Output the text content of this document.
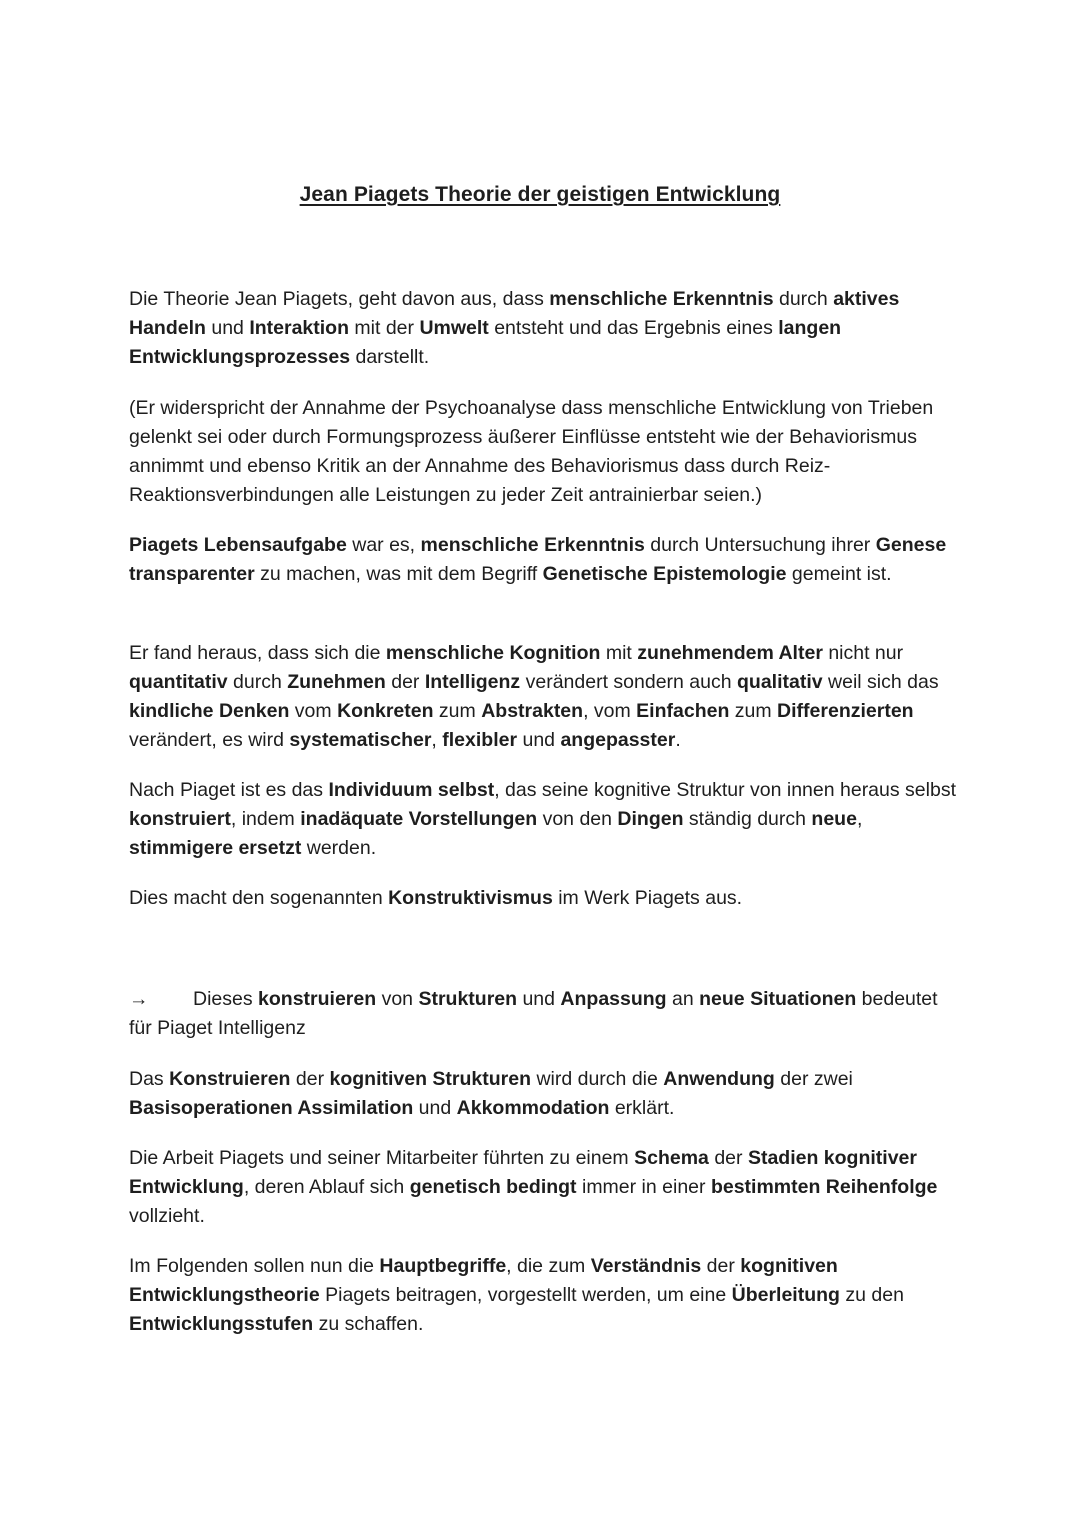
Jean Piagets Theorie der geistigen Entwicklung

Die Theorie Jean Piagets, geht davon aus, dass menschliche Erkenntnis durch aktives Handeln und Interaktion mit der Umwelt entsteht und das Ergebnis eines langen Entwicklungsprozesses darstellt.

(Er widerspricht der Annahme der Psychoanalyse dass menschliche Entwicklung von Trieben gelenkt sei oder durch Formungsprozess äußerer Einflüsse entsteht wie der Behaviorismus annimmt und ebenso Kritik an der Annahme des Behaviorismus dass durch Reiz-Reaktionsverbindungen alle Leistungen zu jeder Zeit antrainierbar seien.)

Piagets Lebensaufgabe war es, menschliche Erkenntnis durch Untersuchung ihrer Genese transparenter zu machen, was mit dem Begriff Genetische Epistemologie gemeint ist.

Er fand heraus, dass sich die menschliche Kognition mit zunehmendem Alter nicht nur quantitativ durch Zunehmen der Intelligenz verändert sondern auch qualitativ weil sich das kindliche Denken vom Konkreten zum Abstrakten, vom Einfachen zum Differenzierten verändert, es wird systematischer, flexibler und angepasster.

Nach Piaget ist es das Individuum selbst, das seine kognitive Struktur von innen heraus selbst konstruiert, indem inadäquate Vorstellungen von den Dingen ständig durch neue, stimmigere ersetzt werden.

Dies macht den sogenannten Konstruktivismus im Werk Piagets aus.

→ Dieses konstruieren von Strukturen und Anpassung an neue Situationen bedeutet für Piaget Intelligenz

Das Konstruieren der kognitiven Strukturen wird durch die Anwendung der zwei Basisoperationen Assimilation und Akkommodation erklärt.

Die Arbeit Piagets und seiner Mitarbeiter führten zu einem Schema der Stadien kognitiver Entwicklung, deren Ablauf sich genetisch bedingt immer in einer bestimmten Reihenfolge vollzieht.

Im Folgenden sollen nun die Hauptbegriffe, die zum Verständnis der kognitiven Entwicklungstheorie Piagets beitragen, vorgestellt werden, um eine Überleitung zu den Entwicklungsstufen zu schaffen.
